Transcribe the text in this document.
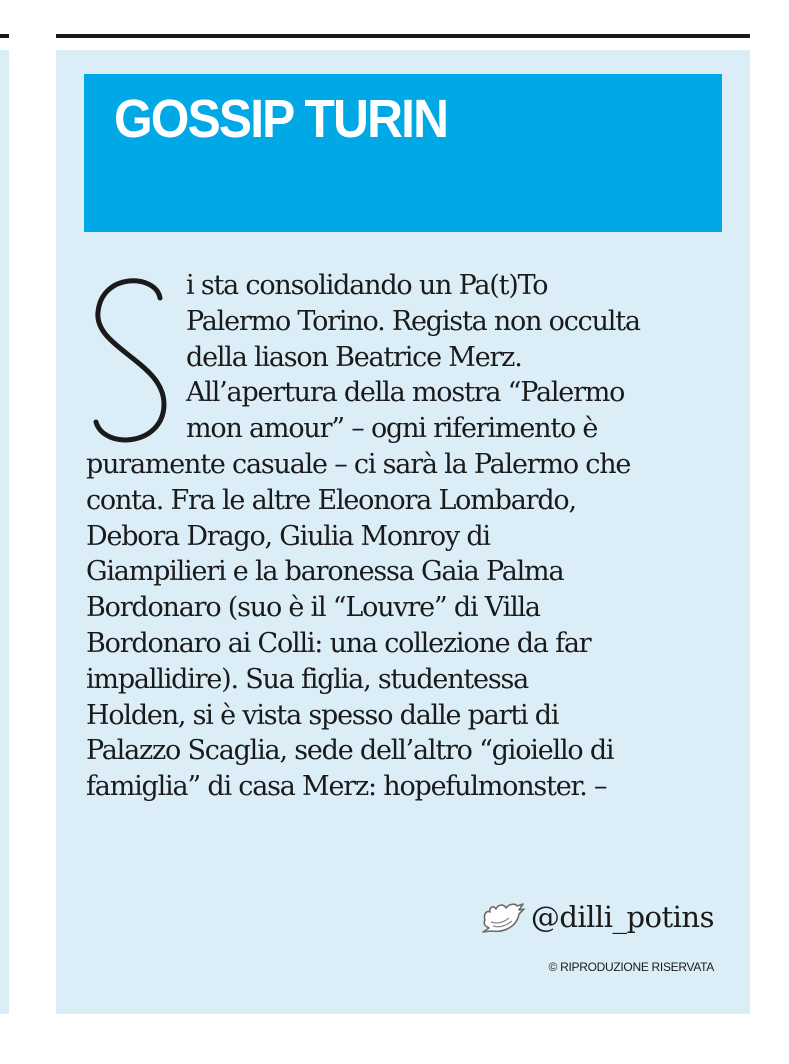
GOSSIP TURIN
i sta consolidando un Pa(t)To
Palermo Torino. Regista non occulta
della liason Beatrice Merz.
All’apertura della mostra “Palermo
mon amour” – ogni riferimento è
puramente casuale – ci sarà la Palermo che
conta. Fra le altre Eleonora Lombardo,
Debora Drago, Giulia Monroy di
Giampilieri e la baronessa Gaia Palma
Bordonaro (suo è il “Louvre” di Villa
Bordonaro ai Colli: una collezione da far
impallidire). Sua figlia, studentessa
Holden, si è vista spesso dalle parti di
Palazzo Scaglia, sede dell’altro “gioiello di
famiglia” di casa Merz: hopefulmonster. –
@dilli_potins
© RIPRODUZIONE RISERVATA
